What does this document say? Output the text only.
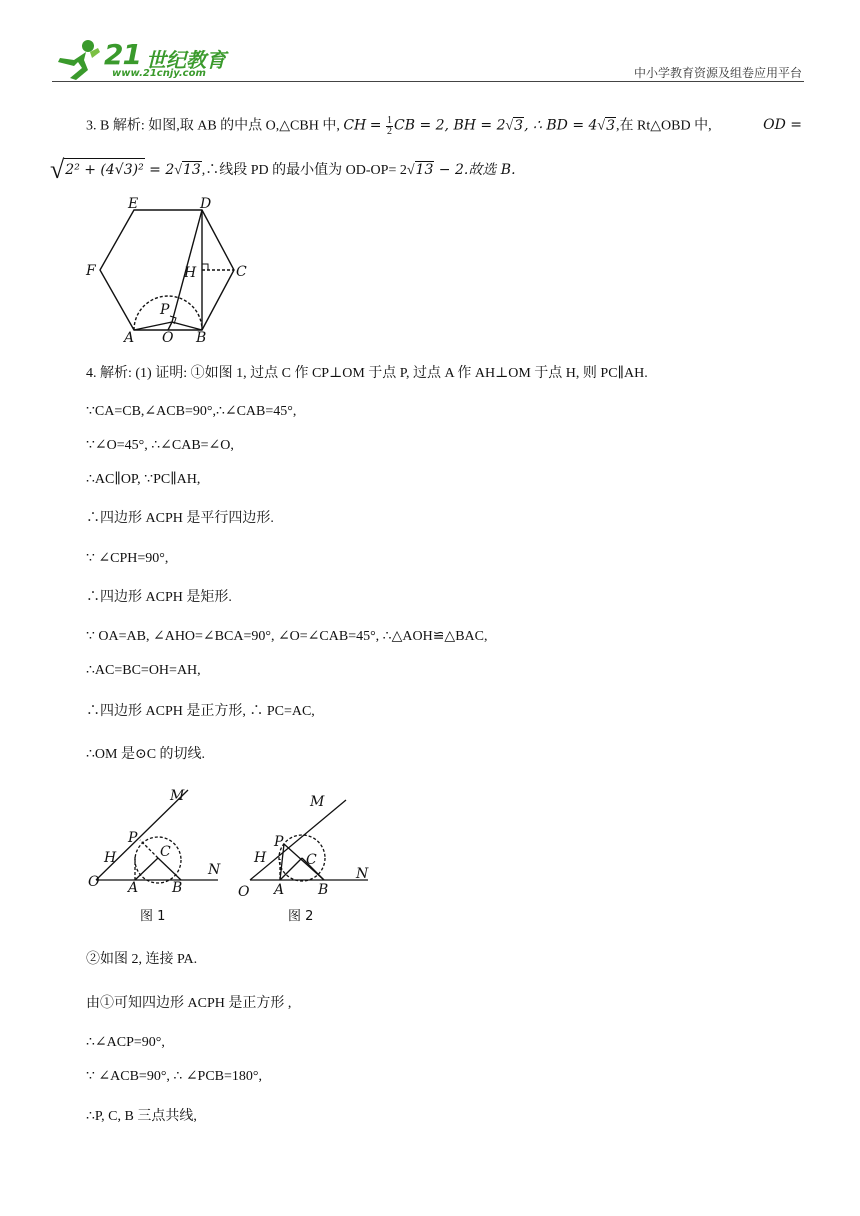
21 世纪教育
www.21cnjy.com	中小学教育资源及组卷应用平台
3. B 解析: 如图,取 AB 的中点 O,△CBH 中, CH = $\frac{1}{2}$ CB = 2, BH = 2√3, ∴ BD = 4√3,在 Rt△OBD 中,	OD =
√2² + (4√3)² = 2√13,∴线段 PD 的最小值为 OD-OP= 2√13 − 2.故选 B.
E	D
F	H	C
P
A O B
4. 解析: (1) 证明: ①如图 1, 过点 C 作 CP⊥OM 于点 P, 过点 A 作 AH⊥OM 于点 H, 则 PC∥AH.
∵CA=CB,∠ACB=90°,∴∠CAB=45°,
∵∠O=45°, ∴∠CAB=∠O,
∴AC∥OP, ∵PC∥AH,
∴四边形 ACPH 是平行四边形.
∵ ∠CPH=90°,
∴四边形 ACPH 是矩形.
∵ OA=AB, ∠AHO=∠BCA=90°, ∠O=∠CAB=45°, ∴△AOH≌△BAC,
∴AC=BC=OH=AH,
∴四边形 ACPH 是正方形, ∴ PC=AC,
∴OM 是⊙C 的切线.
M
P
H	C
O A B
N
图 1
M
P
H	C
O A B
N
图 2
②如图 2, 连接 PA.
由①可知四边形 ACPH 是正方形 ,
∴∠ACP=90°,
∵ ∠ACB=90°, ∴ ∠PCB=180°,
∴P, C, B 三点共线,
